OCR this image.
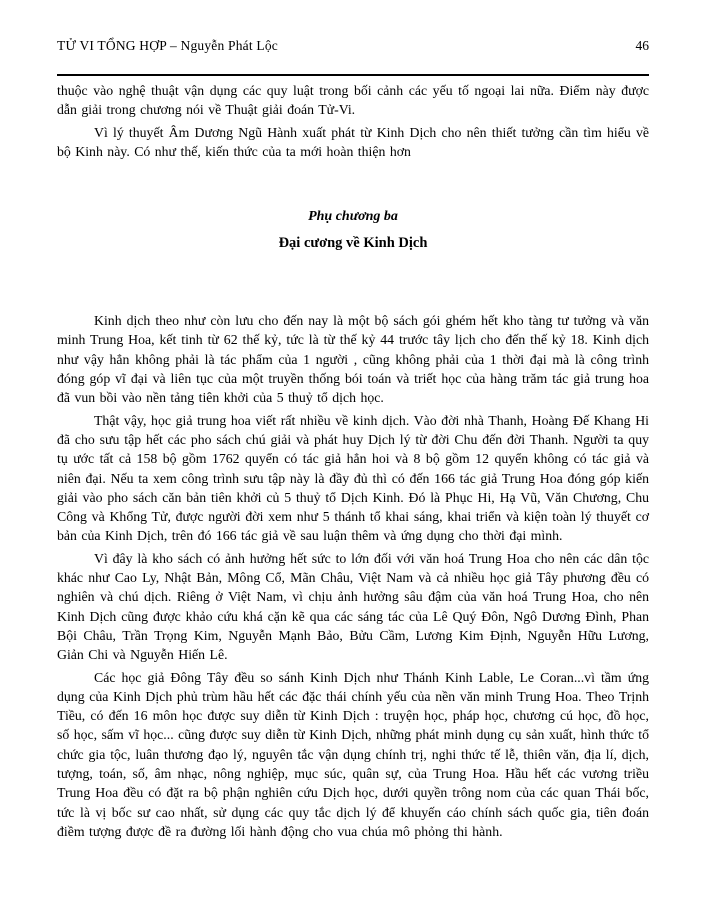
TỬ VI TỔNG HỢP – Nguyễn Phát Lộc	46

thuộc vào nghệ thuật vận dụng các quy luật trong bối cảnh các yếu tố ngoại lai nữa. Điểm này được dẫn giải trong chương nói về Thuật giải đoán Tử-Vi.

Vì lý thuyết Âm Dương Ngũ Hành xuất phát từ Kinh Dịch cho nên thiết tưởng cần tìm hiểu về bộ Kinh này. Có như thế, kiến thức của ta mới hoàn thiện hơn

Phụ chương ba
Đại cương về Kinh Dịch

Kinh dịch theo như còn lưu cho đến nay là một bộ sách gói ghém hết kho tàng tư tưởng và văn minh Trung Hoa, kết tinh từ 62 thế kỷ, tức là từ thế kỷ 44 trước tây lịch cho đến thế kỷ 18. Kinh dịch như vậy hẳn không phải là tác phẩm của 1 người , cũng không phải của 1 thời đại mà là công trình đóng góp vĩ đại và liên tục của một truyền thống bói toán và triết học của hàng trăm tác giả trung hoa đã vun bồi vào nền tảng tiên khởi của 5 thuỷ tổ dịch học.

Thật vậy, học giả trung hoa viết rất nhiều về kinh dịch. Vào đời nhà Thanh, Hoàng Đế Khang Hi đã cho sưu tập hết các pho sách chú giải và phát huy Dịch lý từ đời Chu đến đời Thanh. Người ta quy tụ ước tất cả 158 bộ gồm 1762 quyển có tác giả hẳn hoi và 8 bộ gồm 12 quyển không có tác giả và niên đại. Nếu ta xem công trình sưu tập này là đầy đủ thì có đến 166 tác giả Trung Hoa đóng góp kiến giải vào pho sách căn bản tiên khởi củ 5 thuỷ tổ Dịch Kinh. Đó là Phục Hi, Hạ Vũ, Văn Chương, Chu Công và Khổng Tử, được người đời xem như 5 thánh tổ khai sáng, khai triển và kiện toàn lý thuyết cơ bản của Kinh Dịch, trên đó 166 tác giả về sau luận thêm và ứng dụng cho thời đại mình.

Vì đây là kho sách có ảnh hưởng hết sức to lớn đối với văn hoá Trung Hoa cho nên các dân tộc khác như Cao Ly, Nhật Bản, Mông Cổ, Mãn Châu, Việt Nam và cả nhiều học giả Tây phương đều có nghiên và chú dịch. Riêng ở Việt Nam, vì chịu ảnh hưởng sâu đậm của văn hoá Trung Hoa, cho nên Kinh Dịch cũng được khảo cứu khá cặn kẽ qua các sáng tác của Lê Quý Đôn, Ngô Dương Đình, Phan Bội Châu, Trần Trọng Kim, Nguyễn Mạnh Bảo, Bửu Cầm, Lương Kim Định, Nguyễn Hữu Lương, Giản Chi và Nguyễn Hiến Lê.

Các học giả Đông Tây đều so sánh Kinh Dịch như Thánh Kinh Lable, Le Coran...vì tầm ứng dụng của Kinh Dịch phủ trùm hầu hết các đặc thái chính yếu của nền văn minh Trung Hoa. Theo Trịnh Tiều, có đến 16 môn học được suy diễn từ Kinh Dịch : truyện học, pháp học, chương cú học, đồ học, số học, sấm vĩ học... cũng được suy diễn từ Kinh Dịch, những phát minh dụng cụ sản xuất, hình thức tổ chức gia tộc, luân thương đạo lý, nguyên tắc vận dụng chính trị, nghi thức tế lễ, thiên văn, địa lí, dịch, tượng, toán, số, âm nhạc, nông nghiệp, mục súc, quân sự, của Trung Hoa. Hầu hết các vương triều Trung Hoa đều có đặt ra bộ phận nghiên cứu Dịch học, dưới quyền trông nom của các quan Thái bốc, tức là vị bốc sư cao nhất, sử dụng các quy tắc dịch lý để khuyến cáo chính sách quốc gia, tiên đoán điềm tượng được đề ra đường lối hành động cho vua chúa mô phỏng thi hành.
